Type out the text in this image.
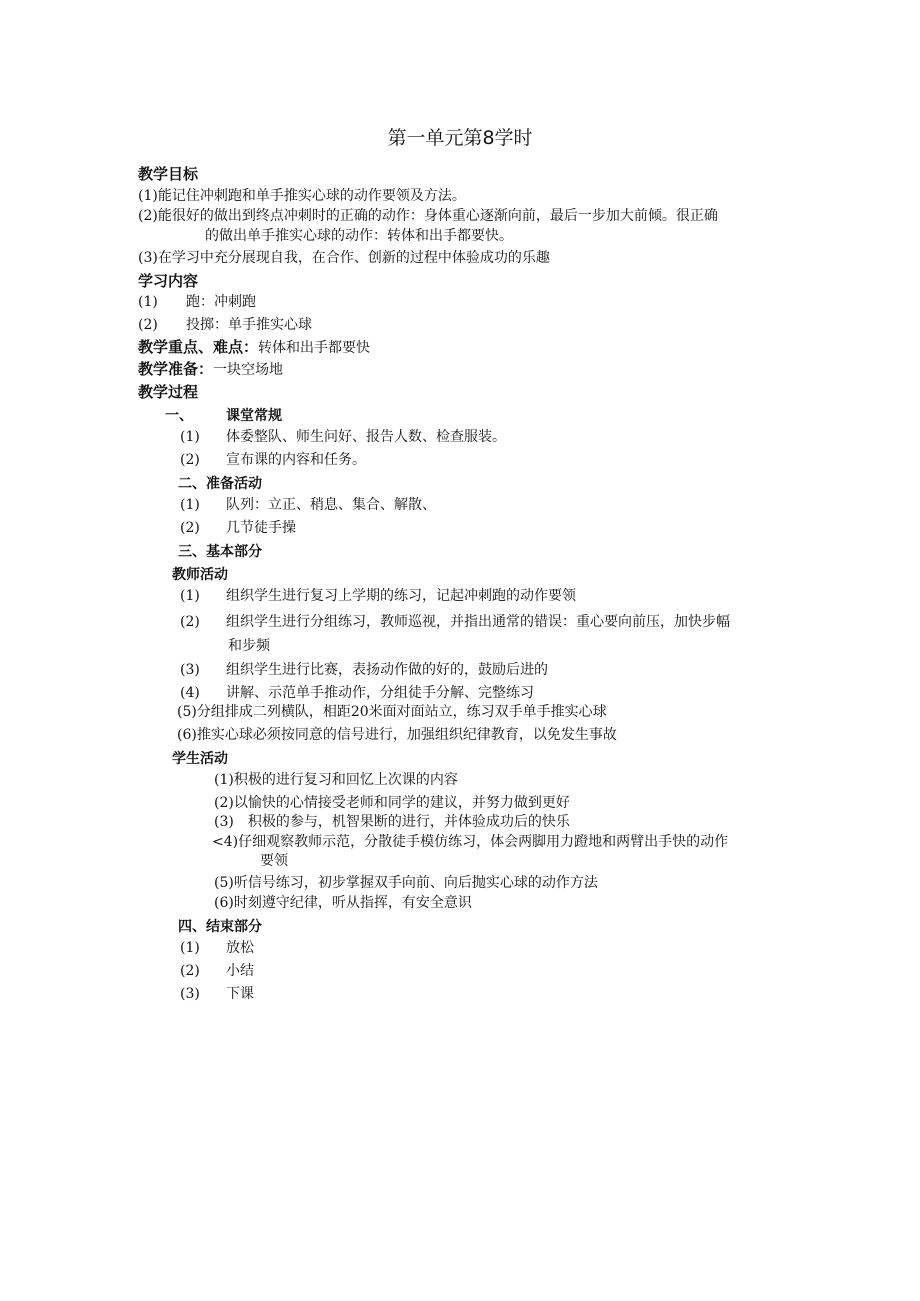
第一单元第8学时
教学目标
(1)能记住冲刺跑和单手推实心球的动作要领及方法。
(2)能很好的做出到终点冲刺时的正确的动作：身体重心逐渐向前，最后一步加大前倾。很正确
的做出单手推实心球的动作：转体和出手都要快。
(3)在学习中充分展现自我，在合作、创新的过程中体验成功的乐趣
学习内容
(1) 跑：冲刺跑
(2) 投掷：单手推实心球
教学重点、难点：转体和出手都要快
教学准备：一块空场地
教学过程
一、 课堂常规
(1) 体委整队、师生问好、报告人数、检查服装。
(2) 宣布课的内容和任务。
二、准备活动
(1) 队列：立正、稍息、集合、解散、
(2) 几节徒手操
三、基本部分
教师活动
(1) 组织学生进行复习上学期的练习，记起冲刺跑的动作要领
(2) 组织学生进行分组练习，教师巡视，并指出通常的错误：重心要向前压，加快步幅
和步频
(3) 组织学生进行比赛，表扬动作做的好的，鼓励后进的
(4) 讲解、示范单手推动作，分组徒手分解、完整练习
(5)分组排成二列横队，相距20米面对面站立，练习双手单手推实心球
(6)推实心球必须按同意的信号进行，加强组织纪律教育，以免发生事故
学生活动
(1)积极的进行复习和回忆上次课的内容
(2)以愉快的心情接受老师和同学的建议，并努力做到更好
(3)　积极的参与，机智果断的进行，并体验成功后的快乐
<4)仔细观察教师示范，分散徒手模仿练习，体会两脚用力蹬地和两臂出手快的动作
要领
(5)听信号练习，初步掌握双手向前、向后抛实心球的动作方法
(6)时刻遵守纪律，听从指挥，有安全意识
四、结束部分
(1) 放松
(2) 小结
(3) 下课
